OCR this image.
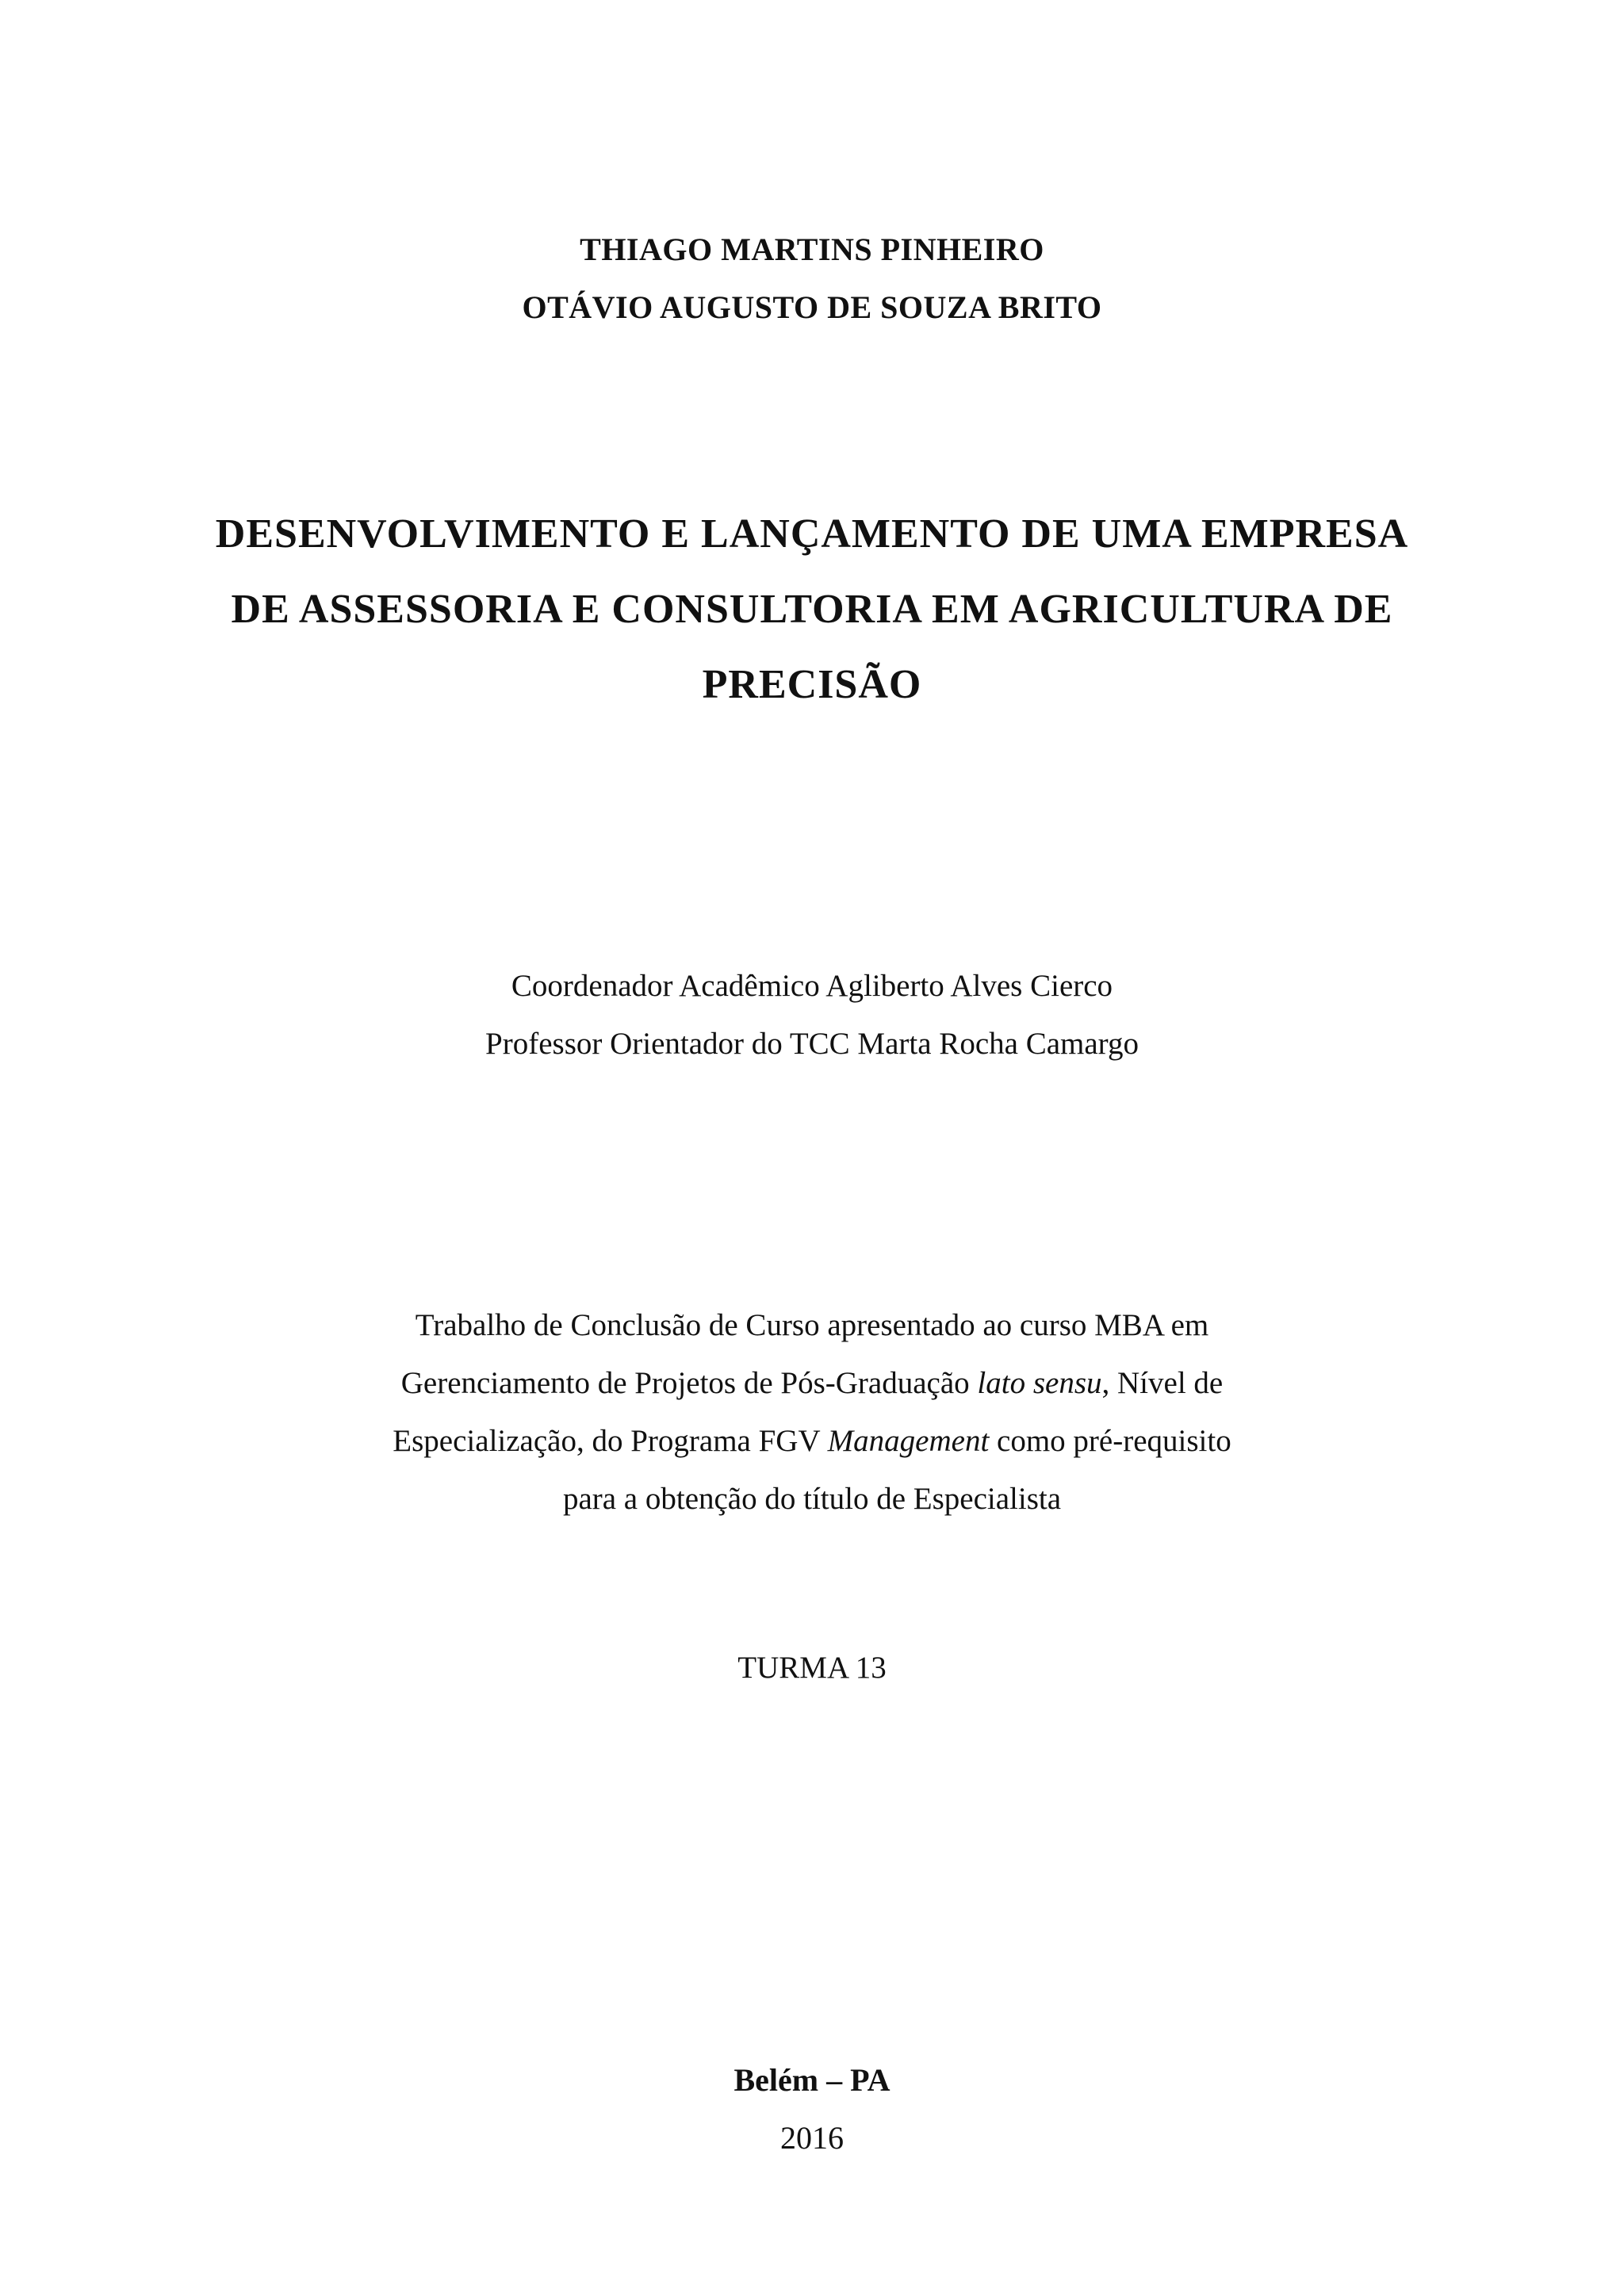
THIAGO MARTINS PINHEIRO
OTÁVIO AUGUSTO DE SOUZA BRITO
DESENVOLVIMENTO E LANÇAMENTO DE UMA EMPRESA
DE ASSESSORIA E CONSULTORIA EM AGRICULTURA DE
PRECISÃO
Coordenador Acadêmico Agliberto Alves Cierco
Professor Orientador do TCC Marta Rocha Camargo
Trabalho de Conclusão de Curso apresentado ao curso MBA em
Gerenciamento de Projetos de Pós-Graduação lato sensu, Nível de
Especialização, do Programa FGV Management como pré-requisito
para a obtenção do título de Especialista
TURMA 13
Belém – PA
2016
